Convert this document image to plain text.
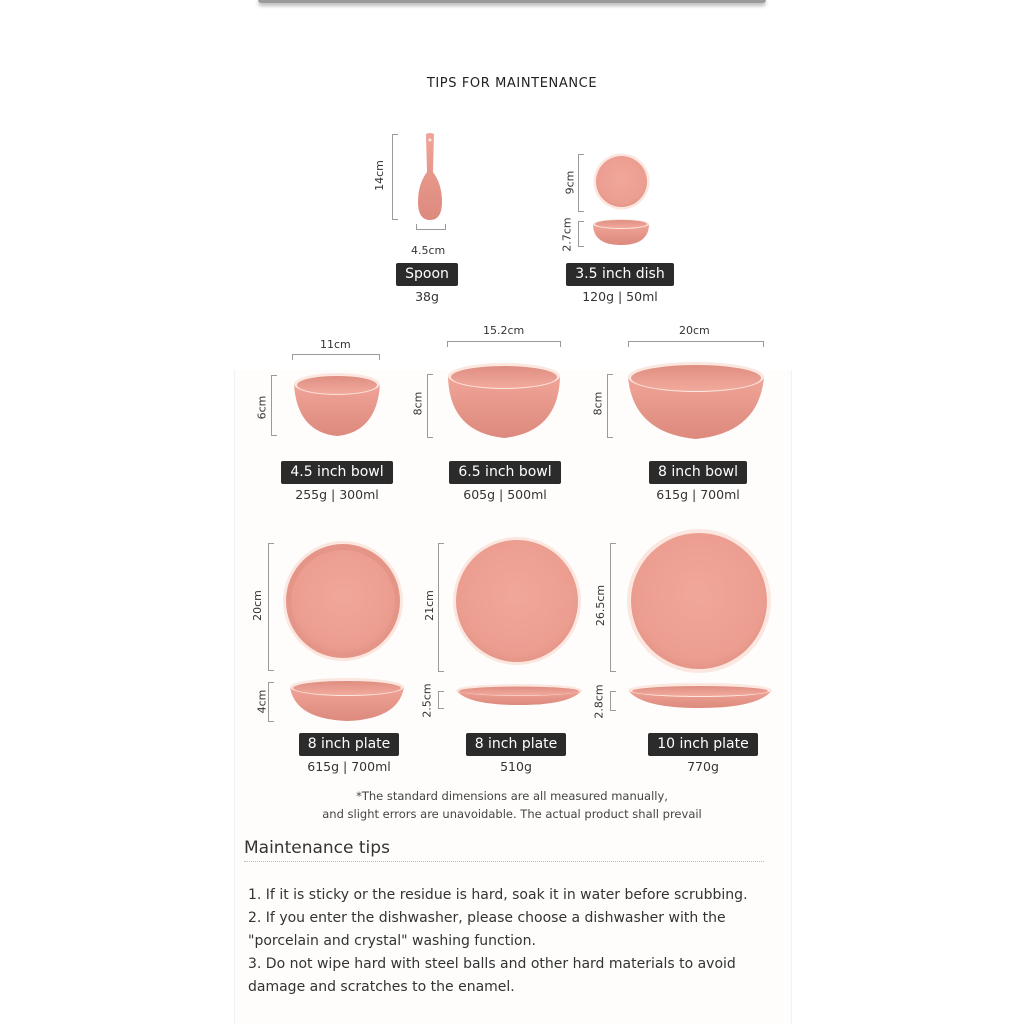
TIPS FOR MAINTENANCE
14cm
4.5cm
Spoon
38g
9cm
2.7cm
3.5 inch dish
120g | 50ml
11cm
6cm
4.5 inch bowl
255g | 300ml
15.2cm
8cm
6.5 inch bowl
605g | 500ml
20cm
8cm
8 inch bowl
615g | 700ml
20cm
4cm
8 inch plate
615g | 700ml
21cm
2.5cm
8 inch plate
510g
26.5cm
2.8cm
10 inch plate
770g
*The standard dimensions are all measured manually,
and slight errors are unavoidable. The actual product shall prevail
Maintenance tips

1. If it is sticky or the residue is hard, soak it in water before scrubbing.

2. If you enter the dishwasher, please choose a dishwasher with the "porcelain and crystal" washing function.

3. Do not wipe hard with steel balls and other hard materials to avoid damage and scratches to the enamel.
